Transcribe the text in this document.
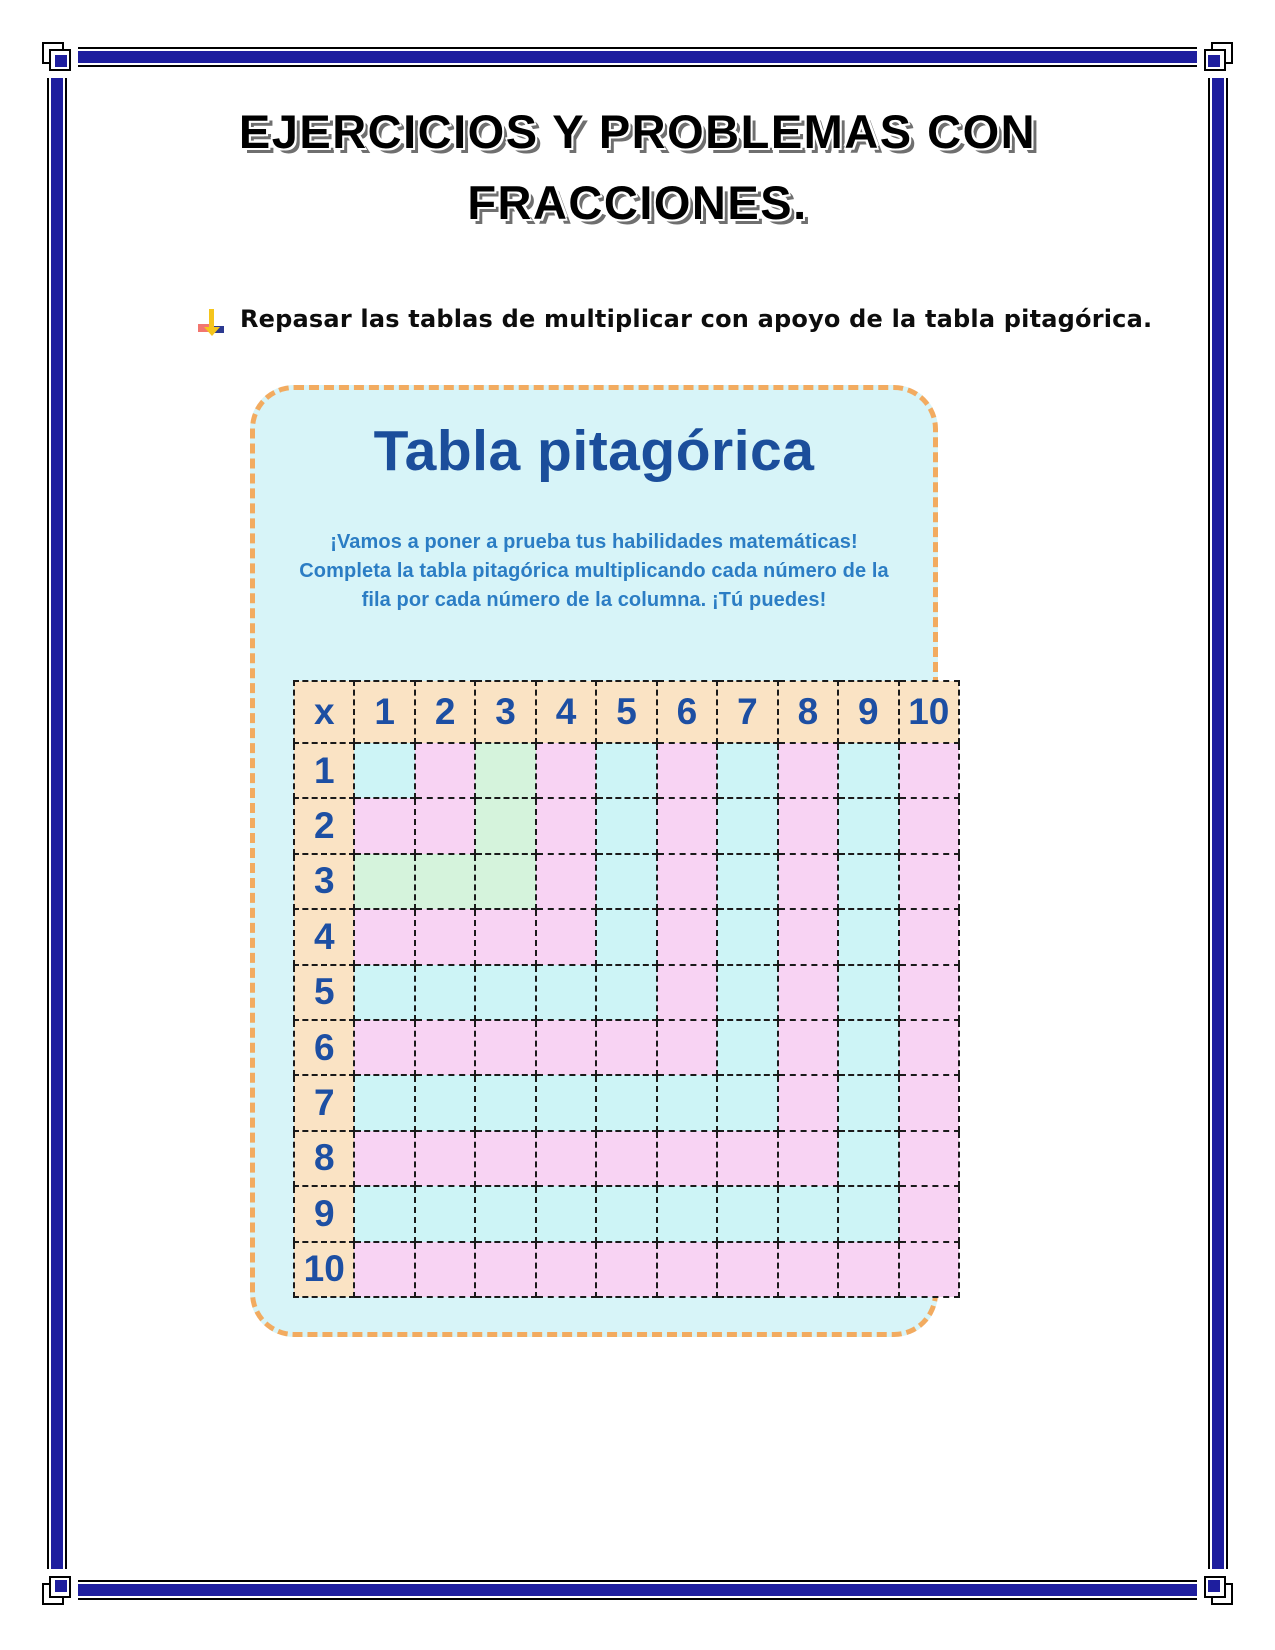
EJERCICIOS Y PROBLEMAS CON
FRACCIONES.
Repasar las tablas de multiplicar con apoyo de la tabla pitagórica.
Tabla pitagórica
¡Vamos a poner a prueba tus habilidades matemáticas! Completa la tabla pitagórica multiplicando cada número de la fila por cada número de la columna. ¡Tú puedes!
x	1	2	3	4	5	6	7	8	9	10
1										
2										
3										
4										
5										
6										
7										
8										
9										
10										
